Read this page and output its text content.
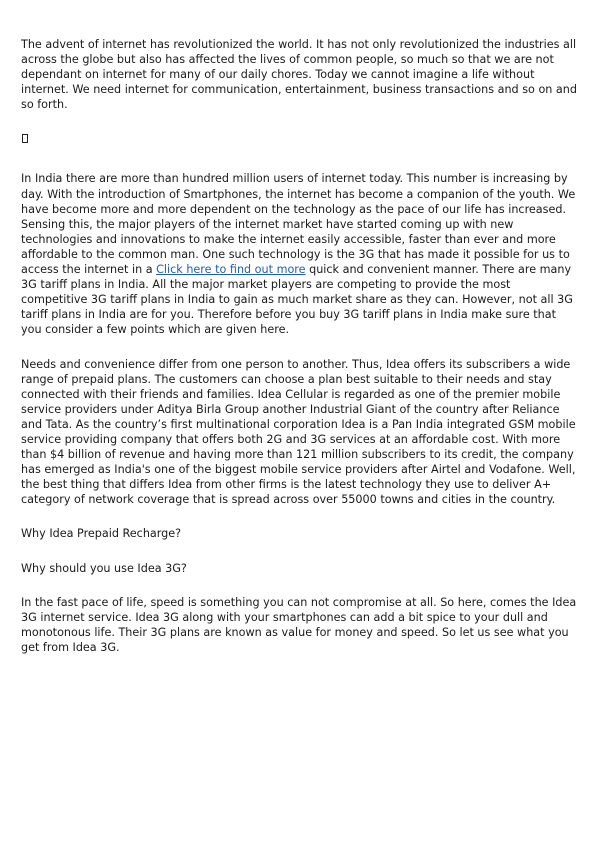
The advent of internet has revolutionized the world. It has not only revolutionized the industries all across the globe but also has affected the lives of common people, so much so that we are not dependant on internet for many of our daily chores. Today we cannot imagine a life without internet. We need internet for communication, entertainment, business transactions and so on and so forth.

In India there are more than hundred million users of internet today. This number is increasing by day. With the introduction of Smartphones, the internet has become a companion of the youth. We have become more and more dependent on the technology as the pace of our life has increased. Sensing this, the major players of the internet market have started coming up with new technologies and innovations to make the internet easily accessible, faster than ever and more affordable to the common man. One such technology is the 3G that has made it possible for us to access the internet in a Click here to find out more quick and convenient manner. There are many 3G tariff plans in India. All the major market players are competing to provide the most competitive 3G tariff plans in India to gain as much market share as they can. However, not all 3G tariff plans in India are for you. Therefore before you buy 3G tariff plans in India make sure that you consider a few points which are given here.

Needs and convenience differ from one person to another. Thus, Idea offers its subscribers a wide range of prepaid plans. The customers can choose a plan best suitable to their needs and stay connected with their friends and families. Idea Cellular is regarded as one of the premier mobile service providers under Aditya Birla Group another Industrial Giant of the country after Reliance and Tata. As the country’s first multinational corporation Idea is a Pan India integrated GSM mobile service providing company that offers both 2G and 3G services at an affordable cost. With more than $4 billion of revenue and having more than 121 million subscribers to its credit, the company has emerged as India's one of the biggest mobile service providers after Airtel and Vodafone. Well, the best thing that differs Idea from other firms is the latest technology they use to deliver A+ category of network coverage that is spread across over 55000 towns and cities in the country.

Why Idea Prepaid Recharge?

Why should you use Idea 3G?

In the fast pace of life, speed is something you can not compromise at all. So here, comes the Idea 3G internet service. Idea 3G along with your smartphones can add a bit spice to your dull and monotonous life. Their 3G plans are known as value for money and speed. So let us see what you get from Idea 3G.
